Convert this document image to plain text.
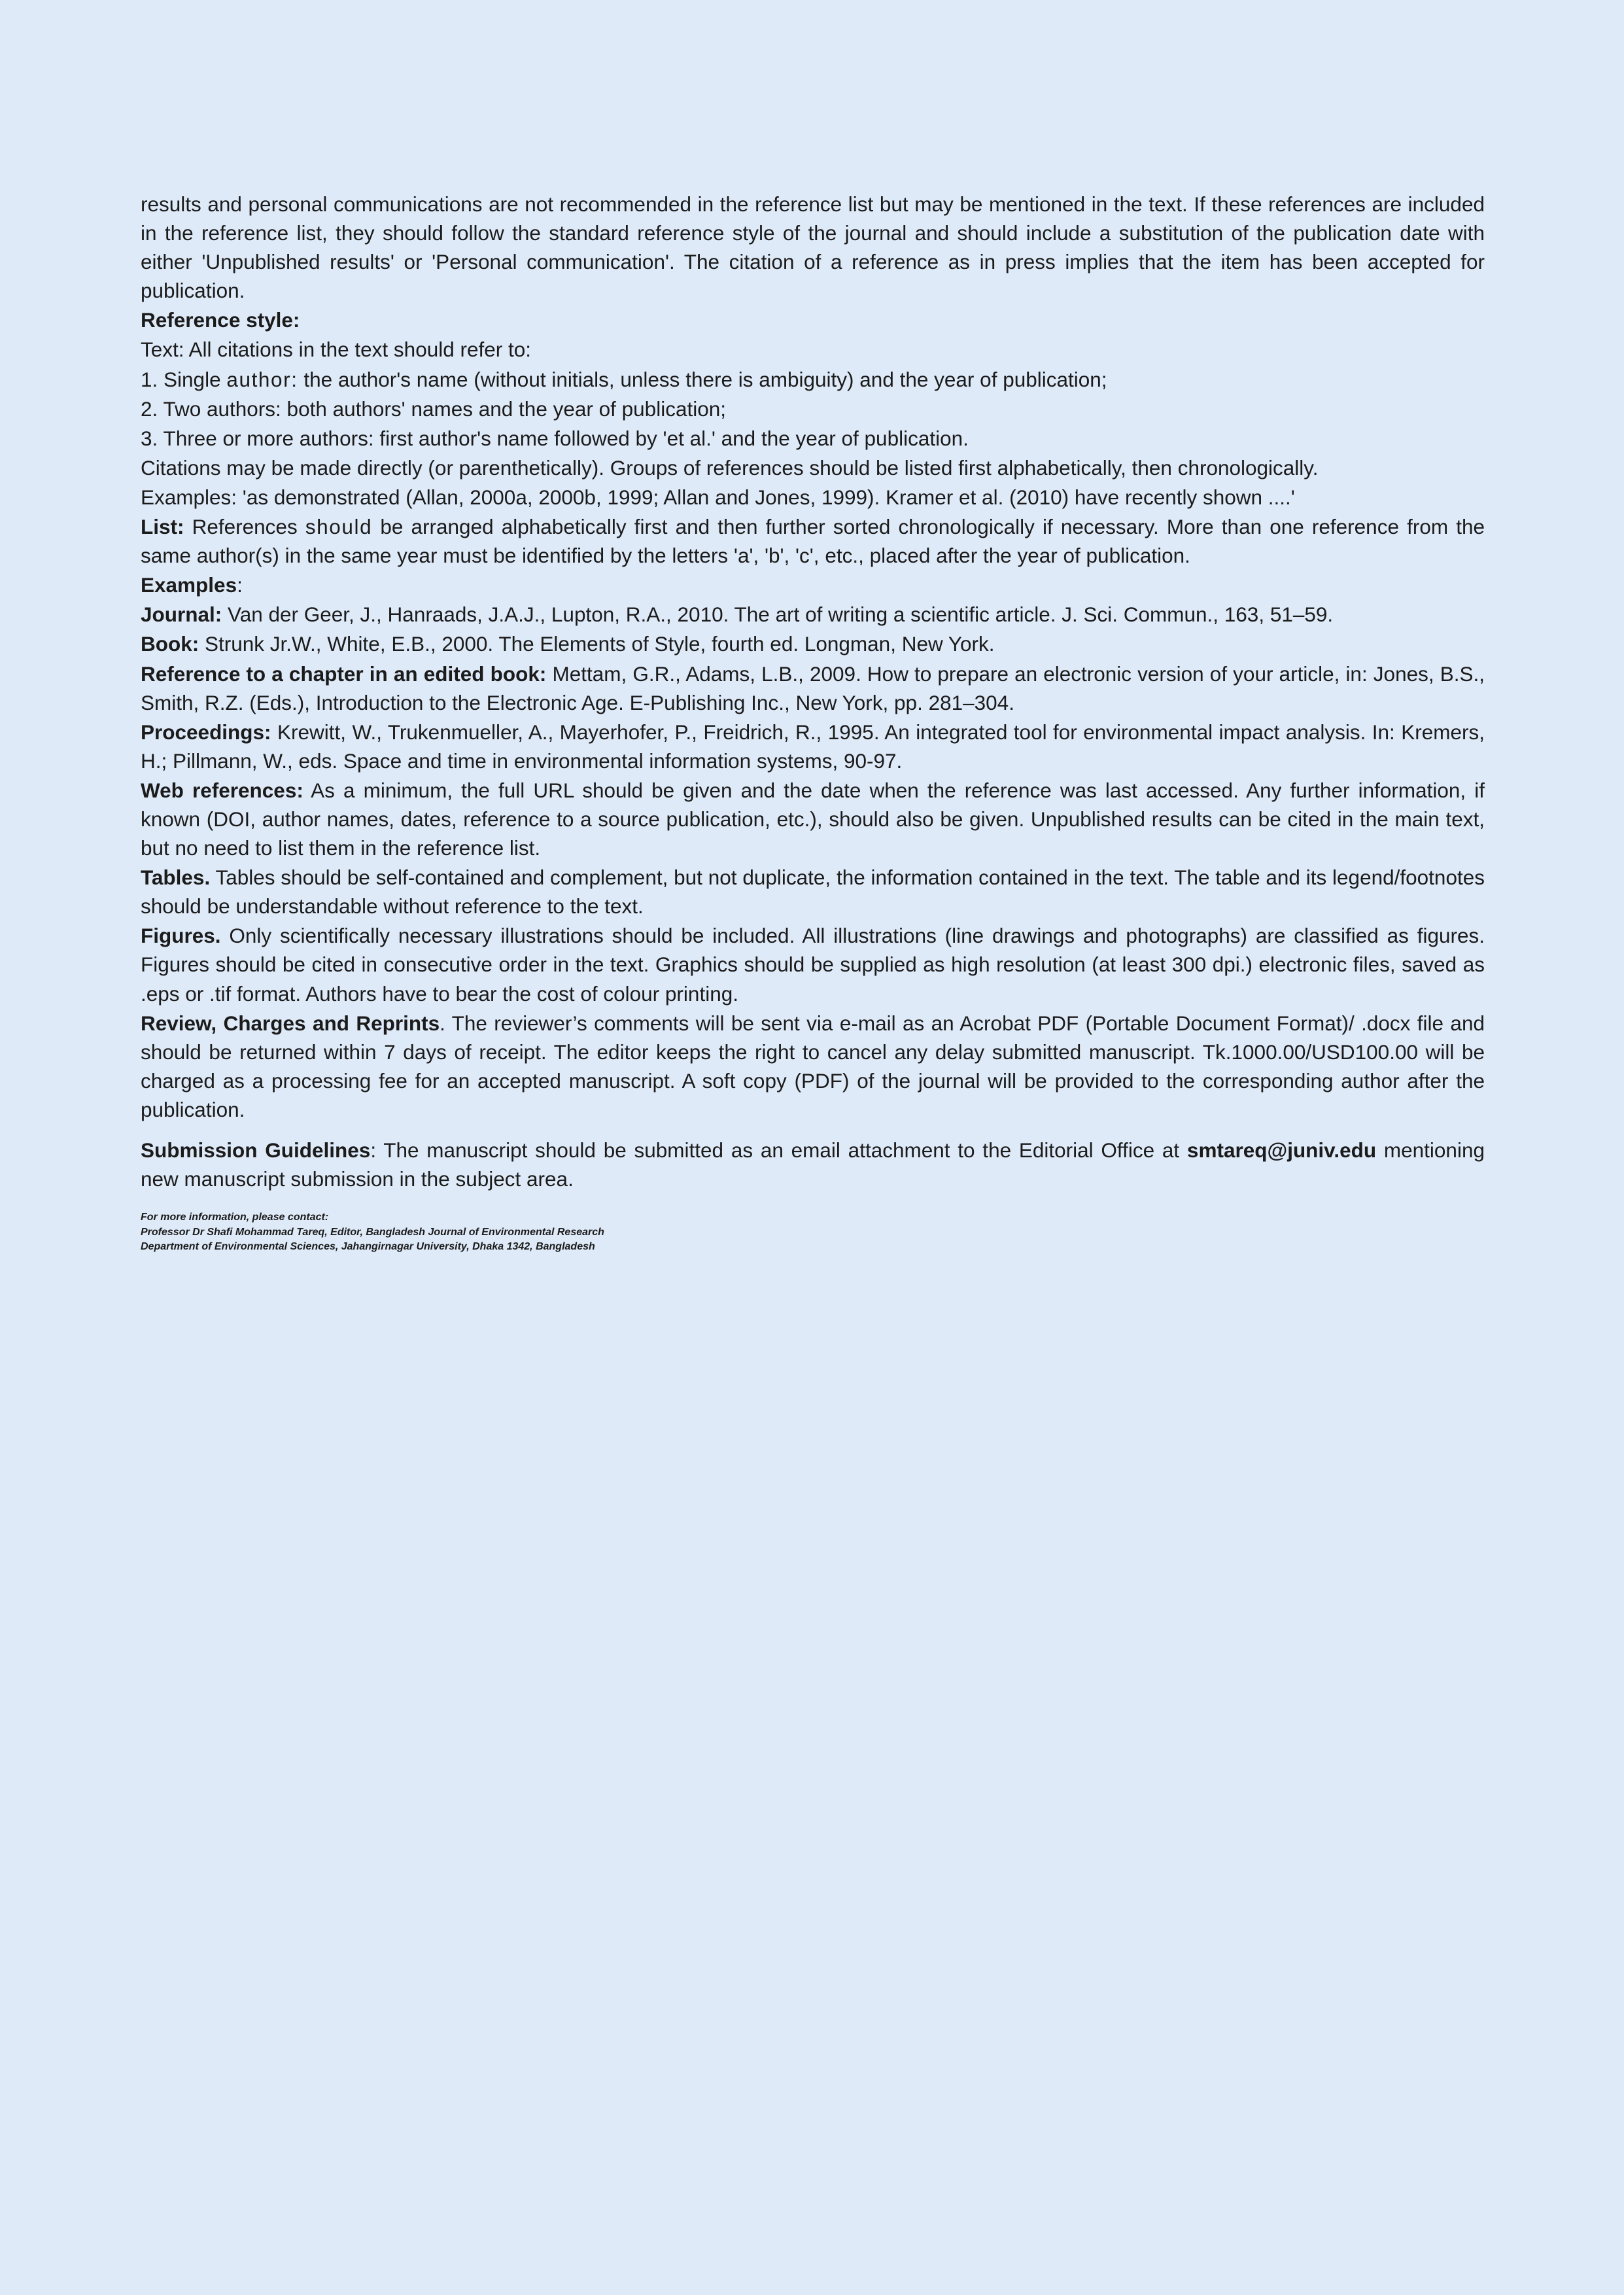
results and personal communications are not recommended in the reference list but may be mentioned in the text. If these references are included in the reference list, they should follow the standard reference style of the journal and should include a substitution of the publication date with either 'Unpublished results' or 'Personal communication'. The citation of a reference as in press implies that the item has been accepted for publication.

Reference style:

Text: All citations in the text should refer to:

1. Single author: the author's name (without initials, unless there is ambiguity) and the year of publication;

2. Two authors: both authors' names and the year of publication;

3. Three or more authors: first author's name followed by 'et al.' and the year of publication.

Citations may be made directly (or parenthetically). Groups of references should be listed first alphabetically, then chronologically.

Examples: 'as demonstrated (Allan, 2000a, 2000b, 1999; Allan and Jones, 1999). Kramer et al. (2010) have recently shown ....'

List: References should be arranged alphabetically first and then further sorted chronologically if necessary. More than one reference from the same author(s) in the same year must be identified by the letters 'a', 'b', 'c', etc., placed after the year of publication.

Examples:

Journal: Van der Geer, J., Hanraads, J.A.J., Lupton, R.A., 2010. The art of writing a scientific article. J. Sci. Commun., 163, 51–59.

Book: Strunk Jr.W., White, E.B., 2000. The Elements of Style, fourth ed. Longman, New York.

Reference to a chapter in an edited book: Mettam, G.R., Adams, L.B., 2009. How to prepare an electronic version of your article, in: Jones, B.S., Smith, R.Z. (Eds.), Introduction to the Electronic Age. E-Publishing Inc., New York, pp. 281–304.

Proceedings: Krewitt, W., Trukenmueller, A., Mayerhofer, P., Freidrich, R., 1995. An integrated tool for environmental impact analysis. In: Kremers, H.; Pillmann, W., eds. Space and time in environmental information systems, 90-97.

Web references: As a minimum, the full URL should be given and the date when the reference was last accessed. Any further information, if known (DOI, author names, dates, reference to a source publication, etc.), should also be given. Unpublished results can be cited in the main text, but no need to list them in the reference list.

Tables. Tables should be self-contained and complement, but not duplicate, the information contained in the text. The table and its legend/footnotes should be understandable without reference to the text.

Figures. Only scientifically necessary illustrations should be included. All illustrations (line drawings and photographs) are classified as figures. Figures should be cited in consecutive order in the text. Graphics should be supplied as high resolution (at least 300 dpi.) electronic files, saved as .eps or .tif format. Authors have to bear the cost of colour printing.

Review, Charges and Reprints. The reviewer’s comments will be sent via e-mail as an Acrobat PDF (Portable Document Format)/ .docx file and should be returned within 7 days of receipt. The editor keeps the right to cancel any delay submitted manuscript. Tk.1000.00/USD100.00 will be charged as a processing fee for an accepted manuscript. A soft copy (PDF) of the journal will be provided to the corresponding author after the publication.

Submission Guidelines: The manuscript should be submitted as an email attachment to the Editorial Office at smtareq@juniv.edu mentioning new manuscript submission in the subject area.

For more information, please contact:

Professor Dr Shafi Mohammad Tareq, Editor, Bangladesh Journal of Environmental Research

Department of Environmental Sciences, Jahangirnagar University, Dhaka 1342, Bangladesh
